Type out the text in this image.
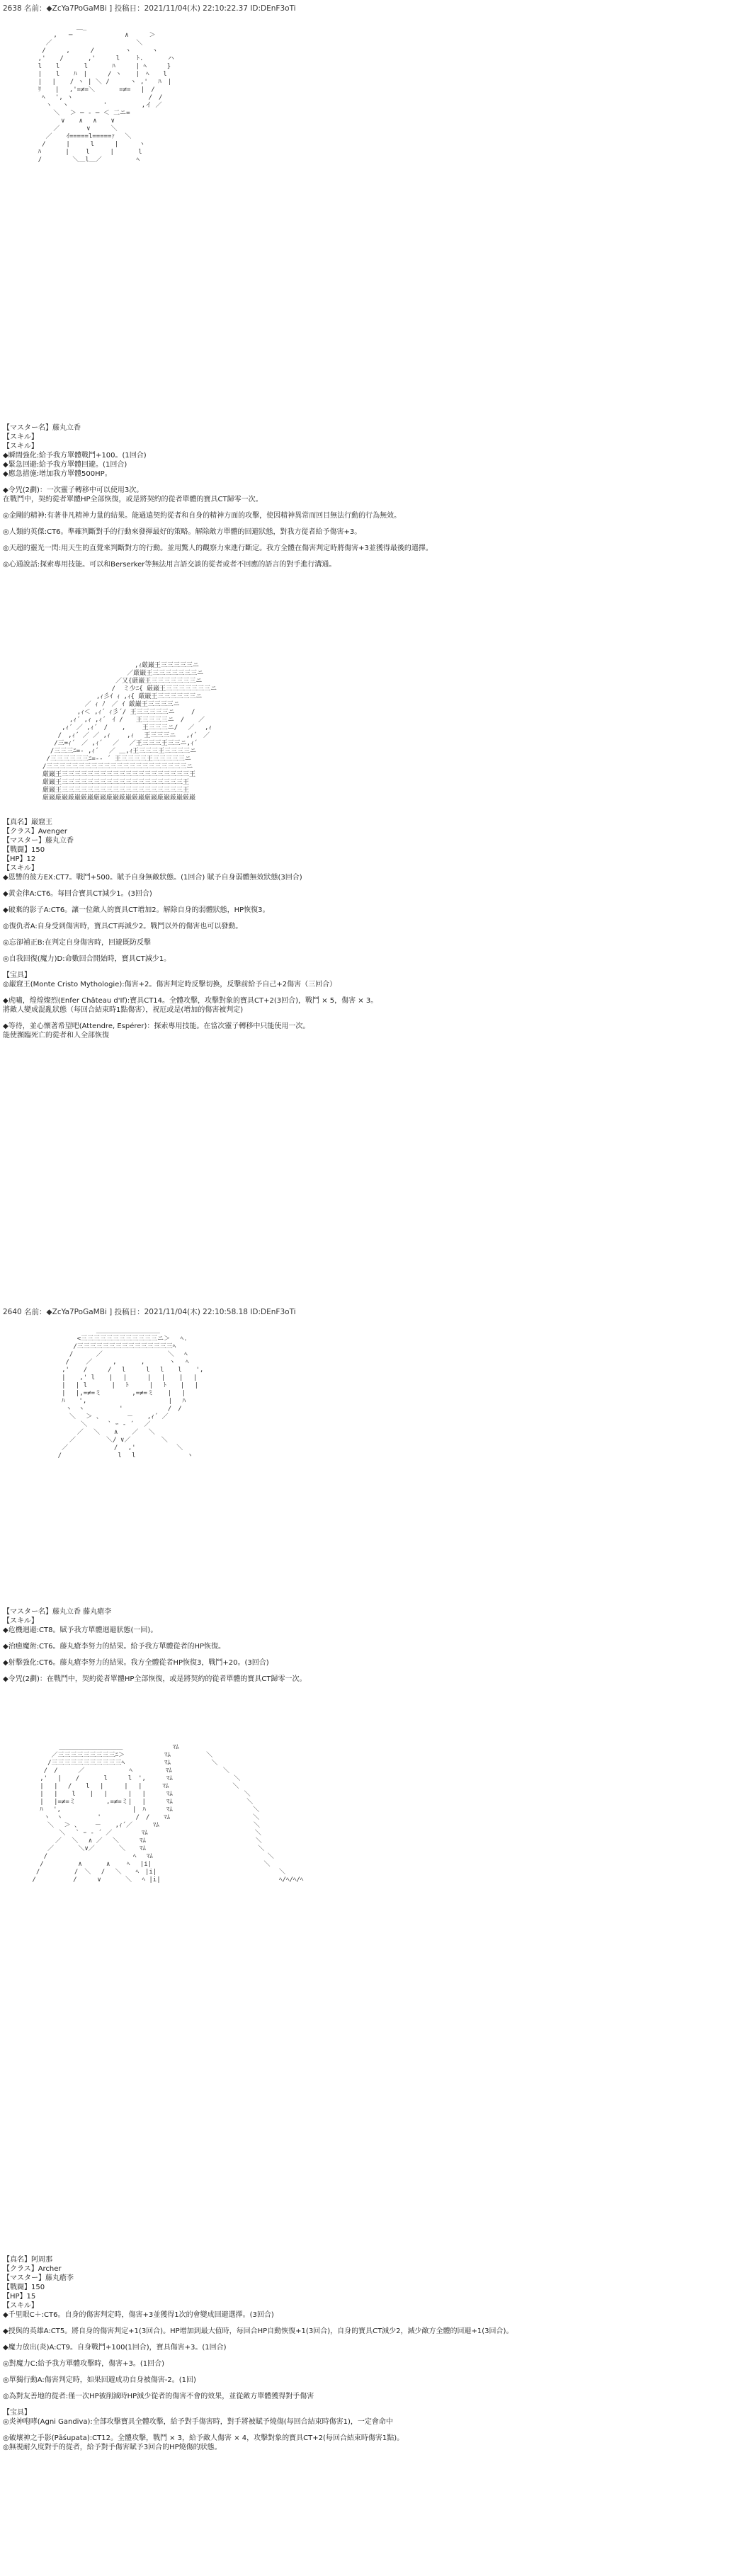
2638 名前：◆ZcYa7PoGaMBi ] 投稿日：2021/11/04(木) 22:10:22.37 ID:DEnF3oTi
＿_
,   ─ 　　　　　　　 ∧ 　　 ＞
／ 　　　　　　　　　　　　 ＼
/　 　 ,　 　 /　 　 　 ヽ 　　 ヽ
,' 　 / 　 　 ,' 　　 l　 　ﾄ. 　 　 ハ
l 　 l 　 　 l 　 　 ﾊ　 　 | ﾍ 　　 }
| 　 l 　 ﾊ　| 　 　/ ヽ 　 |　ﾍ 　 l
|　 | 　 / ヽ | ＼ /　 　 ヽ ,'　 ﾊ　|
ﾘ 　 |　 ,'=≠=＼ 　 　 =≠=　 |　/
ﾍ　 ', ヽ 　 　 　 　 　 　 　 /　/
ヽ 　ヽ 　 　 　 ' 　 　 　 ,イ ／
＼　 ＞ ─ ‐ ─ ＜ 二ニ=
∨ 　 ∧　 ∧ 　 ∨
／ 　　　 ∨ 　　 ＼
／ 　 ｲ=====l=====ｧ　 ＼
/　 　 |　 　 l　 　 |　 　 ヽ
ﾊ 　 　 |　　 l　 　 | 　 　 l
/　 　 　 ＼＿l＿／ 　 　 　 ﾍ
【マスター名】藤丸立香
【スキル】
【スキル】
◆瞬間強化:給予我方單體戰鬥+100。(1回合)
◆緊急回避:給予我方單體回避。(1回合)
◆應急措施:增加我方單體500HP。
◆令咒(2劃)：一次靈子轉移中可以使用3次。
在戰鬥中，契約從者單體HP全部恢復，或是將契約的從者單體的寶具CT歸零一次。
◎金剛的精神:有著非凡精神力量的結果。能過遠契約從者和自身的精神方面的攻擊，使因精神異常而回目無法行動的行為無效。
◎人類的英傑:CT6。準確判斷對手的行動來發揮最好的策略。解除敵方單體的回避狀態，對我方從者給予傷害+3。
◎天超的靈光一閃:用天生的直覺來判斷對方的行動。並用驚人的觀察力來進行斷定。我方全體在傷害判定時將傷害+3並獲得最後的選擇。
◎心通說話:探索專用技能。可以和Berserker等無法用言語交談的從者或者不回應的語言的對手進行溝通。
,ｨ厳巌王三三三三三ニ
／厳巌王三三三三三三三ニ
／又{厳巌王三三三三三三三ニ
/  ミ少ﾆ{ 厳巌王三三三三三三三ニ
,ｨ彡ｲ ｨ ,ｨ{ 厳巌王三三三三三三ニ
／ ｨ ﾉ　／ ｲ 厳巌王三三三三ニ
,ｨ＜ ,ｨ´ ｨ彡´/ 王三三三三三ニ　 　/
,ｨ´ ,ｨ ,ｨ´　ｲ /　　王三三三三ニ　/ 　 ／
,ｨ´ ／ ,ｨ´　/ 　 , 　　王三三三ニ/ 　／　 ,ｨ
/　,ｨ´ ／ ／ ,ｨ　　 ,ｨ　 王三三三ニ　 ,ｨ´　／
/三=ｨ´　／ ,ｨ´　 ／　 ／王三三三王三三ニ,ｨ´
/三三三ﾆ=- ,ｨ´　 ／ ＿,ｨ王三三三王三三三三ニ
/三三三三三三ﾆ=-‐ ´ 王三三三三王三三三三三ニ
/三三三三三三三三三三三三三三三三三三三三三三ニ
厳巌王三三三三三三三三三三三三三三三三三三三三王
厳巌王三三三三三三三三三三三三三三三三三三三王
厳巌王三三三三三三三三三三三三三三三三三三三王
厳巌厳巌厳巌厳巌厳巌厳巌厳巌厳巌厳巌厳巌厳巌厳巌
【真名】巌窟王
【クラス】Avenger
【マスター】藤丸立香
【戰闘】150
【HP】12
【スキル】
◆恩讐的彼方EX:CT7。戰鬥+500。賦予自身無敵狀態。(1回合) 賦予自身弱體無效狀態(3回合)
◆黃金律A:CT6。每回合寶具CT減少1。(3回合)
◆破棄的影子A:CT6。讓一位敵人的寶具CT增加2。解除自身的弱體狀態，HP恢復3。
◎復仇者A:自身受到傷害時，寶具CT再減少2。戰鬥以外的傷害也可以發動。
◎忘卻補正B:在判定自身傷害時，回避既防反擊
◎自我回復(魔力)D:命數回合開始時，寶具CT減少1。
【宝具】
◎巌窟王(Monte Cristo Mythologie):傷害+2。傷害判定時反擊切換，反擊前給予自己+2傷害（三回合）
◆虎嘯，煌煌燦烈(Enfer Château d'If):寶具CT14。全體攻擊，攻擊對象的寶具CT+2(3回合)，戰鬥 × 5，傷害 × 3。
將敵人變成混亂狀態（每回合結束時1點傷害），祝厄或是(增加的傷害被判定)
◆等待，並心懷著希望吧(Attendre, Espérer)：探索專用技能。在當次靈子轉移中只能使用一次。
能使瀕臨死亡的從者和人全部恢復
2640 名前：◆ZcYa7PoGaMBi ] 投稿日：2021/11/04(木) 22:10:58.18 ID:DEnF3oTi
＿＿＿＿＿＿＿＿＿＿
<三三三三三三三三三三三三ニ＞　 ﾍ.
/三三三三三三三三三三三三三三三ﾍ
/　　　 ／ 　 　 　 　 　 　 ＼　 ﾍ
/　　 ／　 　 , 　 　 , 　 　 ヽ　 ﾍ
,' 　 /　 　 /　 l　 　 l　 l 　 l 　 ',
| 　 ,' l 　 |　 |　 　 |　 | 　 |　 |
|　 | l 　 　 |　 ﾄ　 　 | 　ﾄ 　 |　 |
|　 |,=≠=ミ　 　 　 ,=≠=ミ 　 |　 |
ﾊ 　 ',　 　 　 　 　 　 　 　 |　 ﾊ
ヽ　ヽ 　 　 　 ' 　 　 　 　 /　/
＼ 　＞ 、 　 　 － 　 ,ｨ´ ／
＼ 　 　` ｰ ‐ ´ 　／
／　 ＼ 　 ∧ 　 ／ 　＼
／　 　 　 ＼/ ∨／ 　 　 　＼
／　　　　　 　 /　 ,'　 　 　 　 ＼
/　　　　　 　 　 l　 l 　 　 　 　　 ヽ
【マスター名】藤丸立香 藤丸瘡李
【スキル】
◆危機迴避:CT8。賦予我方單體迴避狀態(一回)。
◆治癒魔術:CT6。藤丸瘡李努力的結果。給予我方單體從者的HP恢復。
◆射擊強化:CT6。藤丸瘡李努力的結果。我方全體從者HP恢復3，戰鬥+20。(3回合)
◆令咒(2劃)：在戰鬥中，契約從者單體HP全部恢復，或是將契約的從者單體的寶具CT歸零一次。
＿＿＿＿＿＿＿＿＿＿ 　　　　 　　 ﾏﾑ
／三三三三三三三三三ﾆ＞　　　　 　 ﾏﾑ 　　　　　＼
/三三三三三三三三三三三ﾍ　　　　 　 ﾏﾑ　 　 　 　 ＼
/　/　 　 ／ 　 　 　 　 ﾍ　　　 　 ﾏﾑ　 　 　 　 　 ＼
,' 　| 　 / 　 　 l　 　 l　',　 　 ﾏﾑ 　　　　　　　　　＼
|　 |　 / 　 l　 |　 　 |　 |　 　 ﾏﾑ　　　　　　　　　　＼
|　 | 　 l 　 |　 |　 　 |　 |　 　 ﾏﾑ 　　　　　　　　　　 ＼
|　 |=≠=ミ　 　 　 ,=≠=ミ|　 |　 　 ﾏﾑ 　　　　　　　　　　　＼
ﾊ　 ',　 　 　 　 　 　 　 |　ﾊ　 　 ﾏﾑ　　　　　　　　　　　　 ＼
ヽ　ヽ 　 　 　 ' 　 　 　 /　/ 　 ﾏﾑ　　　　　　　　　　　　　＼
＼ 　＞ 、 　 － 　 ,ｨ´／　 　 ﾏﾑ 　　　　　　　　　　　　 　 ＼
＼ 　` ｰ ‐ ´ ／ 　　　　ﾏﾑ 　 　　　　　　　　　　　　　 　＼
／ 　＼　 ∧ ／ 　＼ 　 　ﾏﾑ　　　　　　　　　　　　　　　 　 ＼
／ 　 　 ＼∨／ 　 　 ＼ 　 ﾏﾑ 　　　　　　　　　　　　　　　　　＼
/ 　 　 　 　 　 　 　 　 ﾍ　 ﾏﾑ　　　　　　　　　　　　　　　　　　＼
/ 　 　 　 ∧ 　 　 ∧　　 ﾍ 　|i|　　　　　　　　　　　　　　　　　 ＼
/ 　 　 　 /　＼ 　/　 ＼ 　 ﾍ　|i| 　 　　　　　　　　　　　　　　　　　＼
/　　 　 　 /　 　 ∨ 　 　 ＼ 　ﾍ |i|　　　　　　　　　　　　　　　　　　 ﾍ/ﾍ/ﾍ/ﾍ
【真名】阿周那
【クラス】Archer
【マスター】藤丸瘡李
【戰闘】150
【HP】15
【スキル】
◆千里眼C＋:CT6。自身的傷害判定時，傷害+3並獲得1次的會變成回避選擇。(3回合)
◆授與的英雄A:CT5。將自身的傷害判定+1(3回合)。HP增加到最大值時，每回合HP自動恢復+1(3回合)，自身的寶具CT減少2，減少敵方全體的回避+1(3回合)。
◆魔力放出(炎)A:CT9。自身戰鬥+100(1回合)，寶具傷害+3。(1回合)
◎對魔力C:給予我方單體攻擊時，傷害+3。(1回合)
◎單獨行動A:傷害判定時，如果回避成功自身被傷害-2。(1回)
◎為對友善地的從者:僅一次HP被削減時HP減少從者的傷害不會的效果，並從敵方單體獲得對手傷害
【宝具】
◎炎神咆哮(Agni Gandiva):全部攻擊寶具全體攻擊，給予對手傷害時，對手將被賦予燒傷(每回合結束時傷害1)，一定會命中
◎破壞神之手影(Pāśupata):CT12。全體攻擊，戰鬥 × 3，給予敵人傷害 × 4，攻擊對象的寶具CT+2(每回合結束時傷害1點)。
◎無視耐久度對手的從者，給予對手傷害賦予3回合的HP燒傷的狀態。
